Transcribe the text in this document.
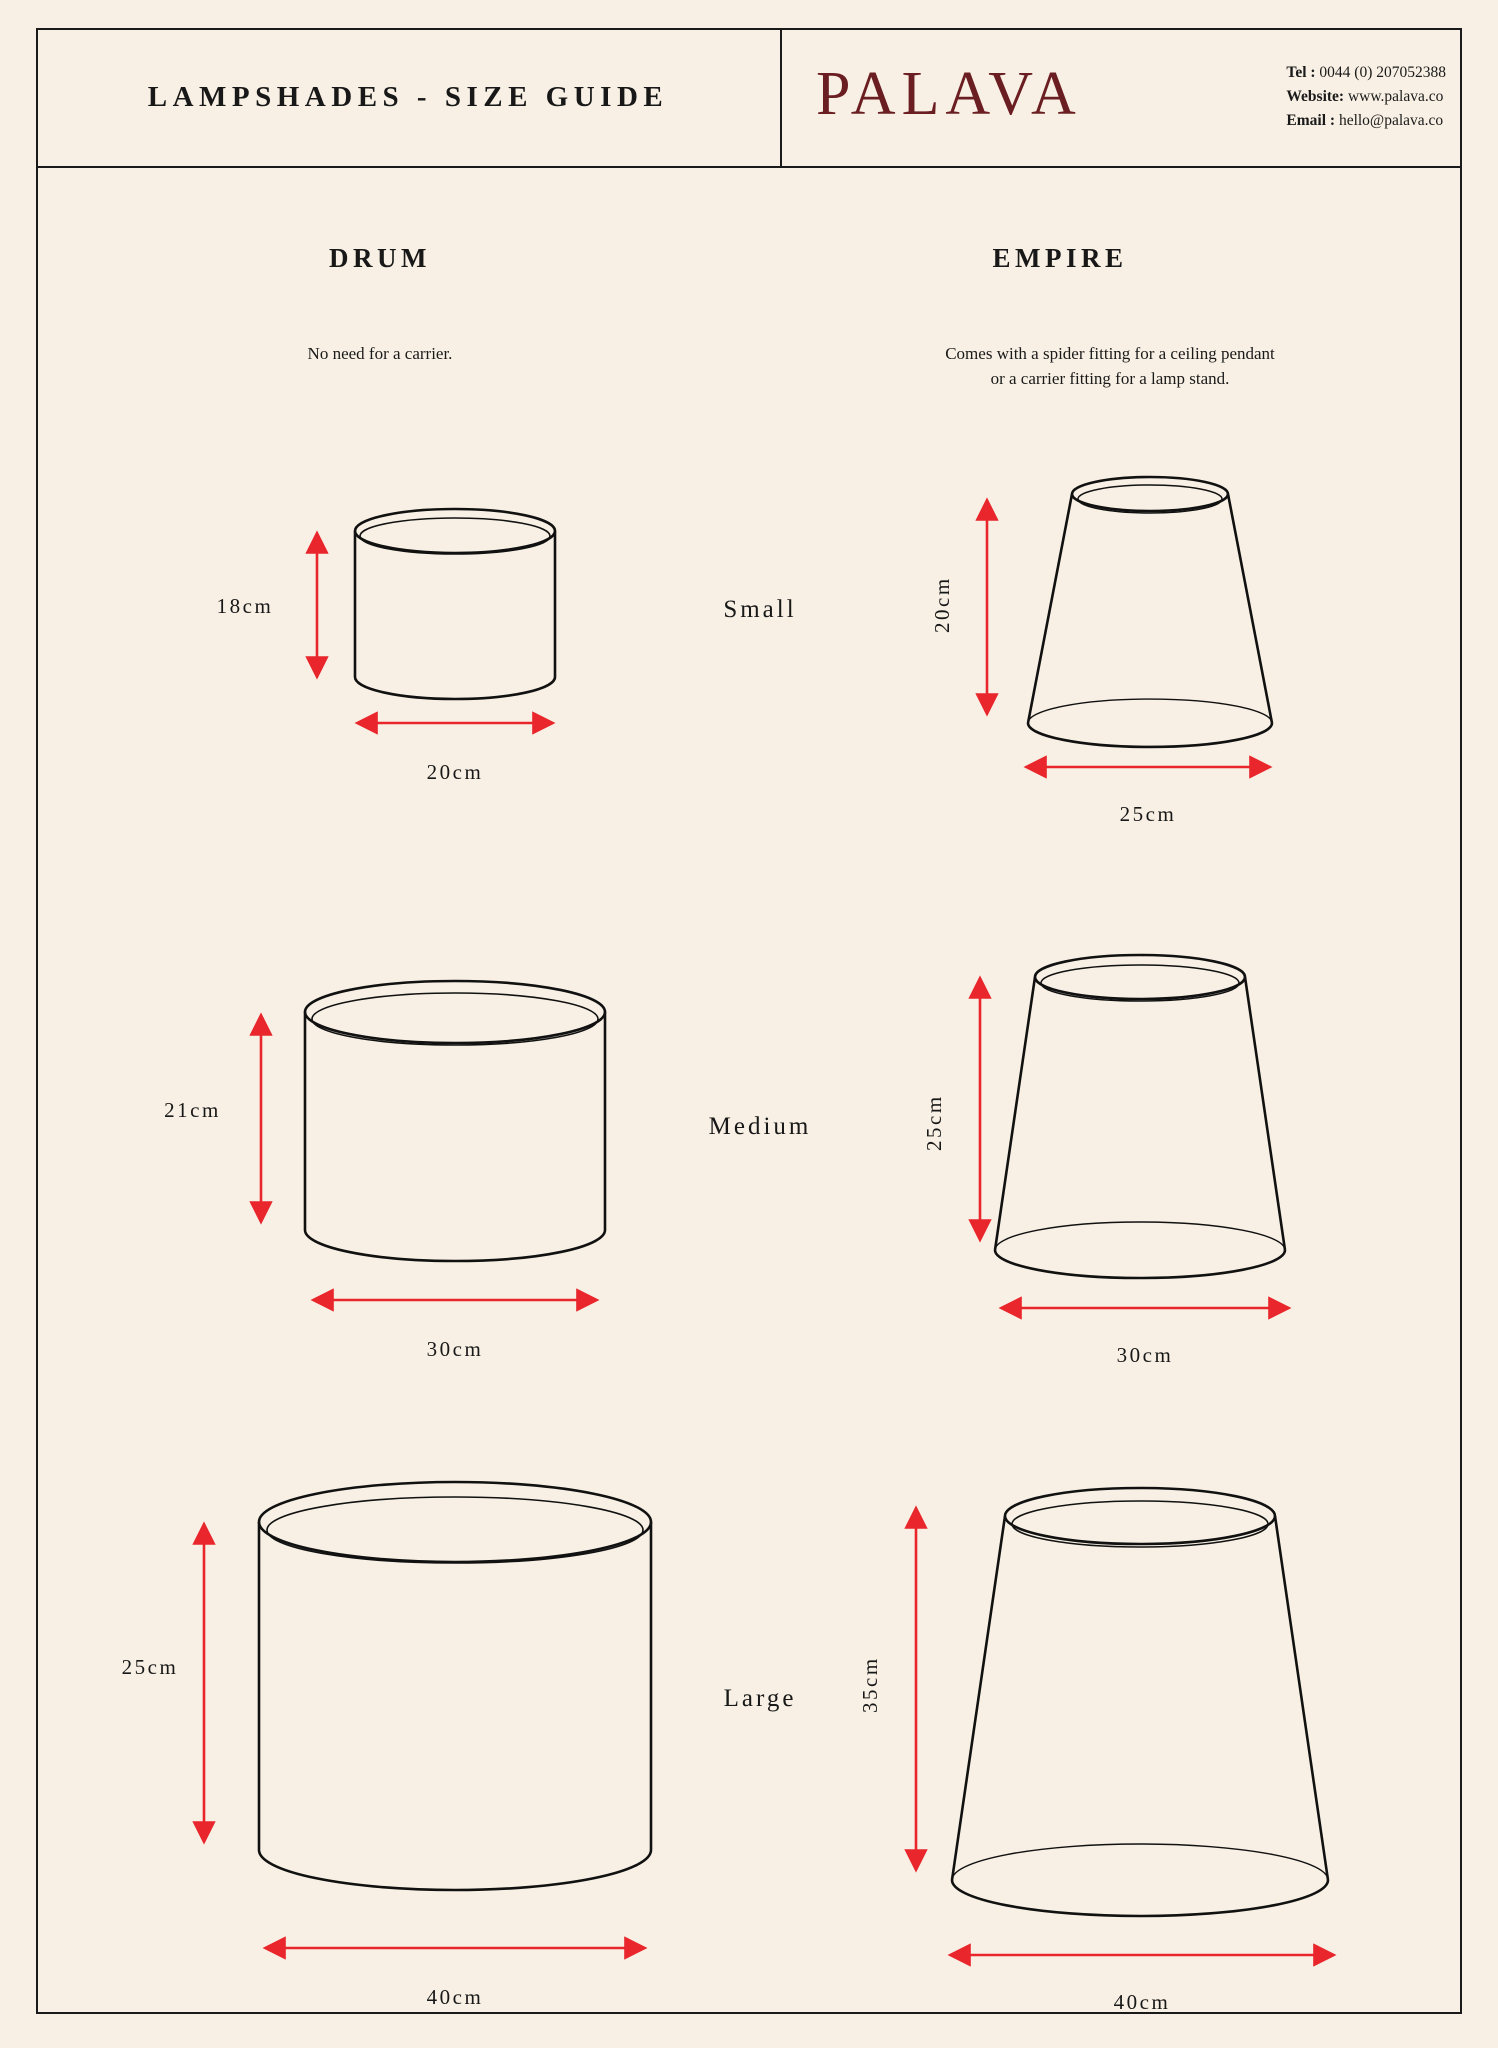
LAMPSHADES - SIZE GUIDE PALAVA	Tel : 0044 (0) 207052388
Website: www.palava.co
Email : hello@palava.co
DRUM	EMPIRE
No need for a carrier.	Comes with a spider fitting for a ceiling pendant
or a carrier fitting for a lamp stand.
Small
Medium
Large
18cm
20cm
20cm
25cm
21cm
30cm
25cm
30cm
25cm
40cm
35cm
40cm
